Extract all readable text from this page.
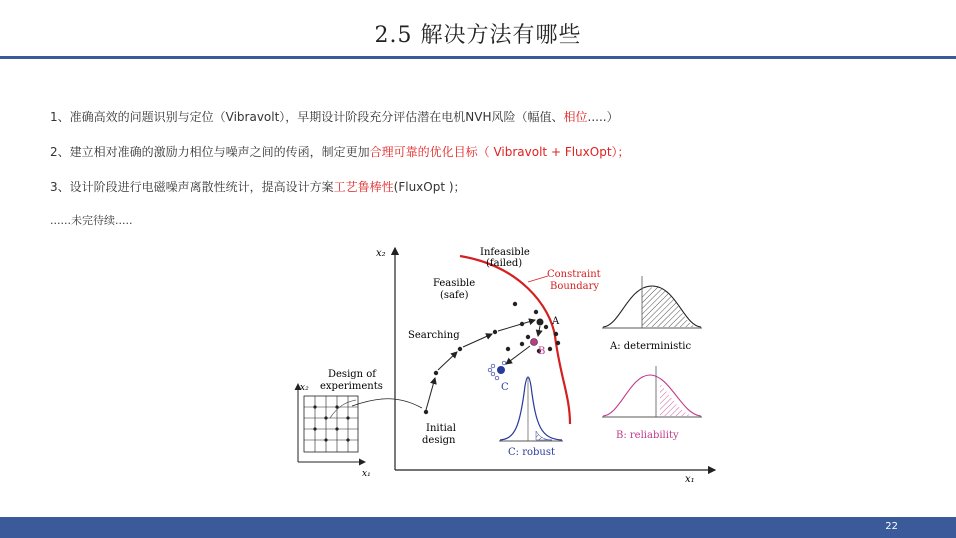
2.5 解决方法有哪些
1、准确高效的问题识别与定位（Vibravolt），早期设计阶段充分评估潜在电机NVH风险（幅值、相位.....）
2、建立相对准确的激励力相位与噪声之间的传函，制定更加合理可靠的优化目标（ Vibravolt + FluxOpt）；
3、设计阶段进行电磁噪声离散性统计，提高设计方案工艺鲁棒性(FluxOpt )；
......未完待续.....
x₂
x₁
Infeasible
(failed)
Feasible
(safe)
Constraint
Boundary
Searching
A
B
C
C: robust
A: deterministic
B: reliability
x₂
x₁
Design of
experiments
Initial
design
22
